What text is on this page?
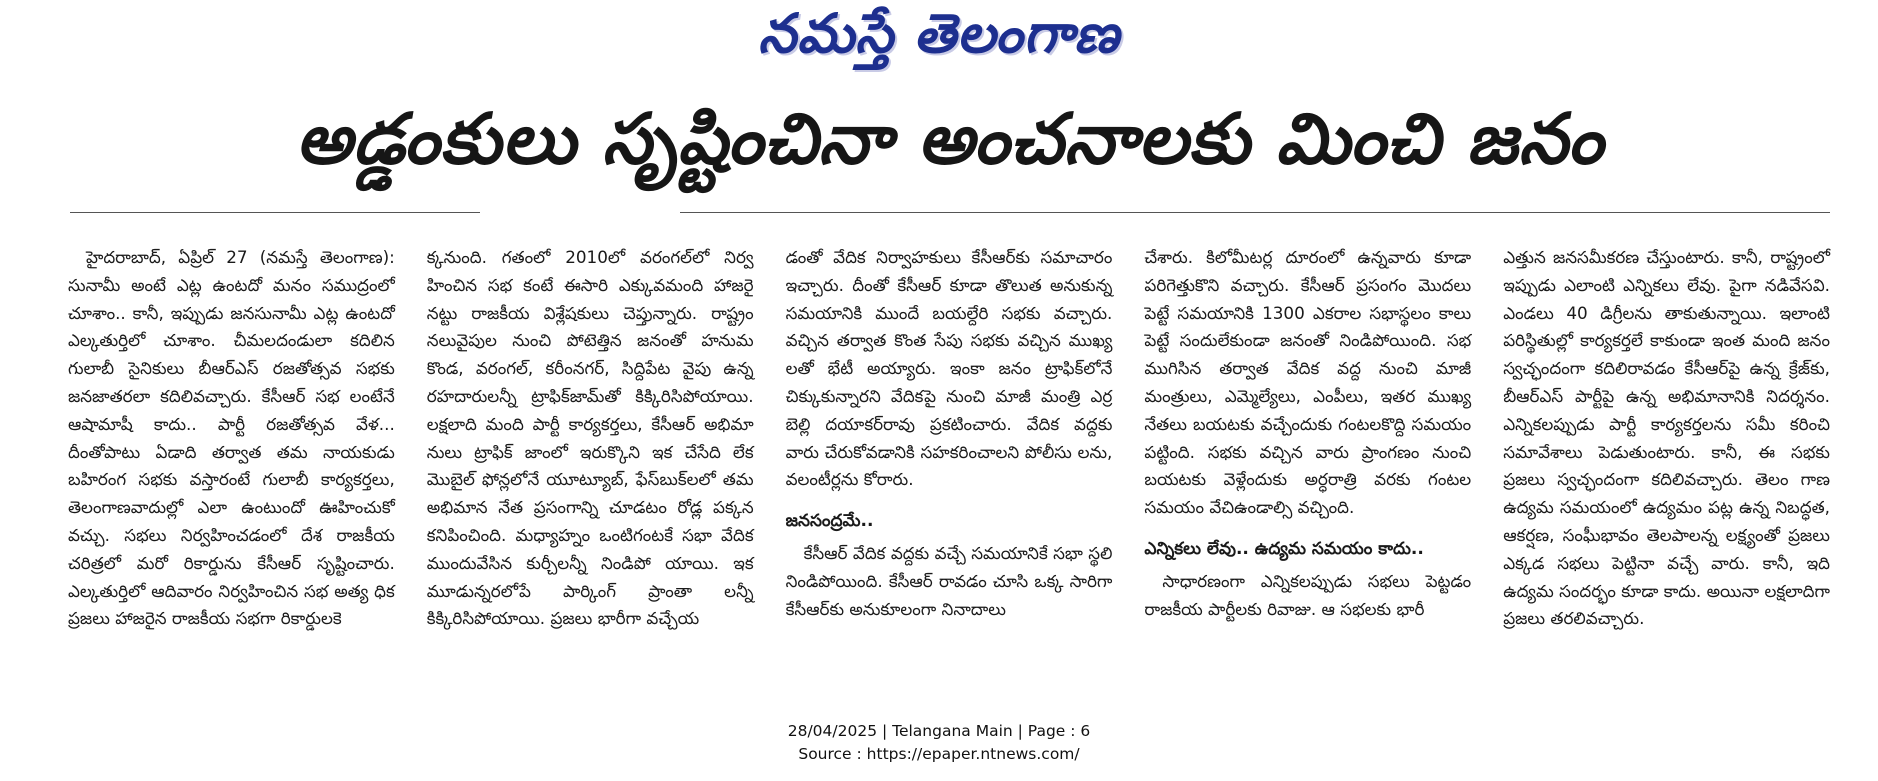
నమస్తే తెలంగాణ
అడ్డంకులు సృష్టించినా అంచనాలకు మించి జనం

హైదరాబాద్, ఏప్రిల్ 27 (నమస్తే తెలంగాణ): సునామీ అంటే ఎట్ల ఉంటదో మనం సముద్రంలో చూశాం.. కానీ, ఇప్పుడు జనసునామీ ఎట్ల ఉంటదో ఎల్కతుర్తిలో చూశాం. చీమలదండులా కదిలిన గులాబీ సైనికులు బీఆర్ఎస్ రజతోత్సవ సభకు జనజాతరలా కదిలివచ్చారు. కేసీఆర్ సభ లంటేనే ఆషామాషీ కాదు.. పార్టీ రజతోత్సవ వేళ... దీంతోపాటు ఏడాది తర్వాత తమ నాయకుడు బహిరంగ సభకు వస్తారంటే గులాబీ కార్యకర్తలు, తెలంగాణవాదుల్లో ఎలా ఉంటుందో ఊహించుకో వచ్చు. సభలు నిర్వహించడంలో దేశ రాజకీయ చరిత్రలో మరో రికార్డును కేసీఆర్ సృష్టించారు. ఎల్కతుర్తిలో ఆదివారం నిర్వహించిన సభ అత్య ధిక ప్రజలు హాజరైన రాజకీయ సభగా రికార్డులకె

క్కనుంది. గతంలో 2010లో వరంగల్‌లో నిర్వ హించిన సభ కంటే ఈసారి ఎక్కువమంది హాజరై నట్టు రాజకీయ విశ్లేషకులు చెప్తున్నారు. రాష్ట్రం నలువైపుల నుంచి పోటెత్తిన జనంతో హనుమ కొండ, వరంగల్, కరీంనగర్, సిద్దిపేట వైపు ఉన్న రహదారులన్నీ ట్రాఫిక్‌జామ్‌తో కిక్కిరిసిపోయాయి. లక్షలాది మంది పార్టీ కార్యకర్తలు, కేసీఆర్ అభిమా నులు ట్రాఫిక్ జాంలో ఇరుక్కొని ఇక చేసేది లేక మొబైల్ ఫోన్లలోనే యూట్యూబ్, ఫేస్‌బుక్‌లలో తమ అభిమాన నేత ప్రసంగాన్ని చూడటం రోడ్ల పక్కన కనిపించింది. మధ్యాహ్నం ఒంటిగంటకే సభా వేదిక ముందువేసిన కుర్చీలన్నీ నిండిపో యాయి. ఇక మూడున్నరలోపే పార్కింగ్ ప్రాంతా లన్నీ కిక్కిరిసిపోయాయి. ప్రజలు భారీగా వచ్చేయ

డంతో వేదిక నిర్వాహకులు కేసీఆర్‌కు సమాచారం ఇచ్చారు. దీంతో కేసీఆర్ కూడా తొలుత అనుకున్న సమయానికి ముందే బయల్దేరి సభకు వచ్చారు. వచ్చిన తర్వాత కొంత సేపు సభకు వచ్చిన ముఖ్య లతో భేటీ అయ్యారు. ఇంకా జనం ట్రాఫిక్‌లోనే చిక్కుకున్నారని వేదికపై నుంచి మాజీ మంత్రి ఎర్ర బెల్లి దయాకర్‌రావు ప్రకటించారు. వేదిక వద్దకు వారు చేరుకోవడానికి సహకరించాలని పోలీసు లను, వలంటీర్లను కోరారు.

జనసంద్రమే..

కేసీఆర్ వేదిక వద్దకు వచ్చే సమయానికే సభా స్థలి నిండిపోయింది. కేసీఆర్ రావడం చూసి ఒక్క సారిగా కేసీఆర్‌కు అనుకూలంగా నినాదాలు

చేశారు. కిలోమీటర్ల దూరంలో ఉన్నవారు కూడా పరిగెత్తుకొని వచ్చారు. కేసీఆర్ ప్రసంగం మొదలు పెట్టే సమయానికి 1300 ఎకరాల సభాస్థలం కాలు పెట్టే సందులేకుండా జనంతో నిండిపోయింది. సభ ముగిసిన తర్వాత వేదిక వద్ద నుంచి మాజీ మంత్రులు, ఎమ్మెల్యేలు, ఎంపీలు, ఇతర ముఖ్య నేతలు బయటకు వచ్చేందుకు గంటలకొద్ది సమయం పట్టింది. సభకు వచ్చిన వారు ప్రాంగణం నుంచి బయటకు వెళ్లేందుకు అర్ధరాత్రి వరకు గంటల సమయం వేచిఉండాల్సి వచ్చింది.

ఎన్నికలు లేవు.. ఉద్యమ సమయం కాదు..

సాధారణంగా ఎన్నికలప్పుడు సభలు పెట్టడం రాజకీయ పార్టీలకు రివాజు. ఆ సభలకు భారీ

ఎత్తున జనసమీకరణ చేస్తుంటారు. కానీ, రాష్ట్రంలో ఇప్పుడు ఎలాంటి ఎన్నికలు లేవు. పైగా నడివేసవి. ఎండలు 40 డిగ్రీలను తాకుతున్నాయి. ఇలాంటి పరిస్థితుల్లో కార్యకర్తలే కాకుండా ఇంత మంది జనం స్వచ్ఛందంగా కదిలిరావడం కేసీఆర్‌పై ఉన్న క్రేజ్‌కు, బీఆర్ఎస్ పార్టీపై ఉన్న అభిమానానికి నిదర్శనం. ఎన్నికలప్పుడు పార్టీ కార్యకర్తలను సమీ కరించి సమావేశాలు పెడుతుంటారు. కానీ, ఈ సభకు ప్రజలు స్వచ్ఛందంగా కదిలివచ్చారు. తెలం గాణ ఉద్యమ సమయంలో ఉద్యమం పట్ల ఉన్న నిబద్ధత, ఆకర్షణ, సంఘీభావం తెలపాలన్న లక్ష్యంతో ప్రజలు ఎక్కడ సభలు పెట్టినా వచ్చే వారు. కానీ, ఇది ఉద్యమ సందర్భం కూడా కాదు. అయినా లక్షలాదిగా ప్రజలు తరలివచ్చారు.

28/04/2025 | Telangana Main | Page : 6
Source : https://epaper.ntnews.com/
